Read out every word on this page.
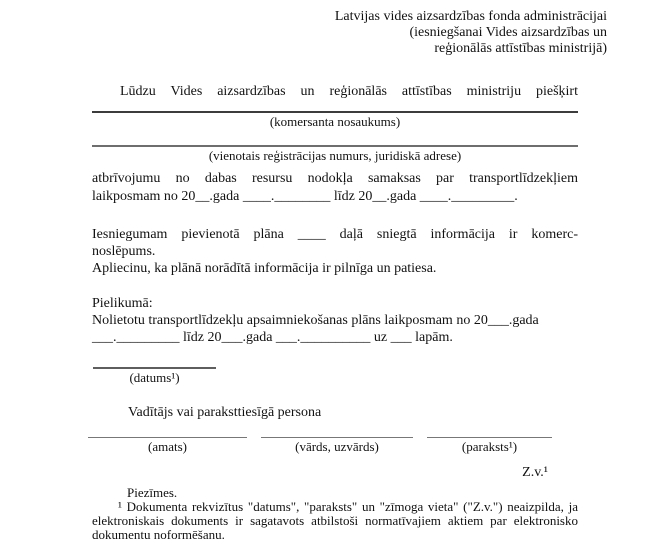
Latvijas vides aizsardzības fonda administrācijai
(iesniegšanai Vides aizsardzības un
reģionālās attīstības ministrijā)

Lūdzu Vides aizsardzības un reģionālās attīstības ministriju piešķirt

(komersanta nosaukums)
(vienotais reģistrācijas numurs, juridiskā adrese)

atbrīvojumu no dabas resursu nodokļa samaksas par transportlīdzekļiem

laikposmam no 20__.gada ____.________ līdz 20__.gada ____._________.

Iesniegumam pievienotā plāna ____ daļā sniegtā informācija ir komerc-

noslēpums.

Apliecinu, ka plānā norādītā informācija ir pilnīga un patiesa.

Pielikumā:

Nolietotu transportlīdzekļu apsaimniekošanas plāns laikposmam no 20___.gada

___._________ līdz 20___.gada ___.__________ uz ___ lapām.

(datums¹)

Vadītājs vai paraksttiesīgā persona

(amats)	(vārds, uzvārds)	(paraksts¹)
Z.v.¹

Piezīmes.

¹ Dokumenta rekvizītus "datums", "paraksts" un "zīmoga vieta" ("Z.v.") neaizpilda, ja

elektroniskais dokuments ir sagatavots atbilstoši normatīvajiem aktiem par elektronisko

dokumentu noformēšanu.
